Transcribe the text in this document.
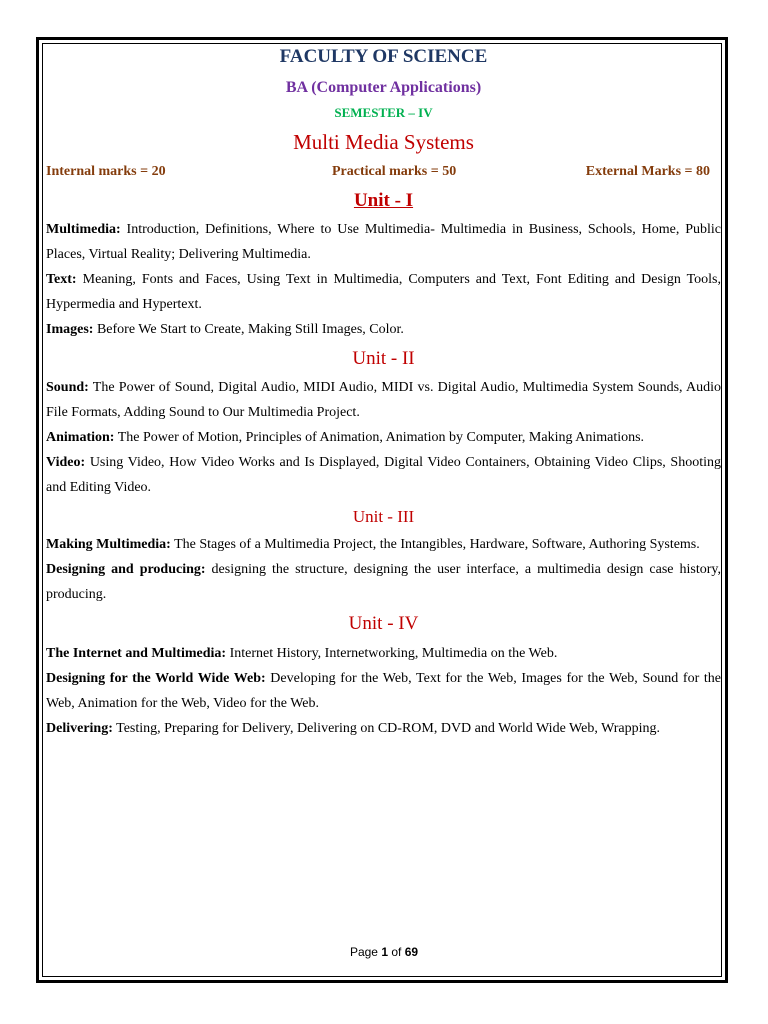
FACULTY OF SCIENCE
BA (Computer Applications)
SEMESTER – IV
Multi Media Systems
Internal marks = 20	Practical marks = 50	External Marks = 80
Unit - I

Multimedia: Introduction, Definitions, Where to Use Multimedia- Multimedia in Business, Schools, Home, Public Places, Virtual Reality; Delivering Multimedia.

Text: Meaning, Fonts and Faces, Using Text in Multimedia, Computers and Text, Font Editing and Design Tools, Hypermedia and Hypertext.

Images: Before We Start to Create, Making Still Images, Color.

Unit - II

Sound: The Power of Sound, Digital Audio, MIDI Audio, MIDI vs. Digital Audio, Multimedia System Sounds, Audio File Formats, Adding Sound to Our Multimedia Project.

Animation: The Power of Motion, Principles of Animation, Animation by Computer, Making Animations.

Video: Using Video, How Video Works and Is Displayed, Digital Video Containers, Obtaining Video Clips, Shooting and Editing Video.

Unit - III

Making Multimedia: The Stages of a Multimedia Project, the Intangibles, Hardware, Software, Authoring Systems.

Designing and producing: designing the structure, designing the user interface, a multimedia design case history, producing.

Unit - IV

The Internet and Multimedia: Internet History, Internetworking, Multimedia on the Web.

Designing for the World Wide Web: Developing for the Web, Text for the Web, Images for the Web, Sound for the Web, Animation for the Web, Video for the Web.

Delivering: Testing, Preparing for Delivery, Delivering on CD-ROM, DVD and World Wide Web, Wrapping.

Page 1 of 69
